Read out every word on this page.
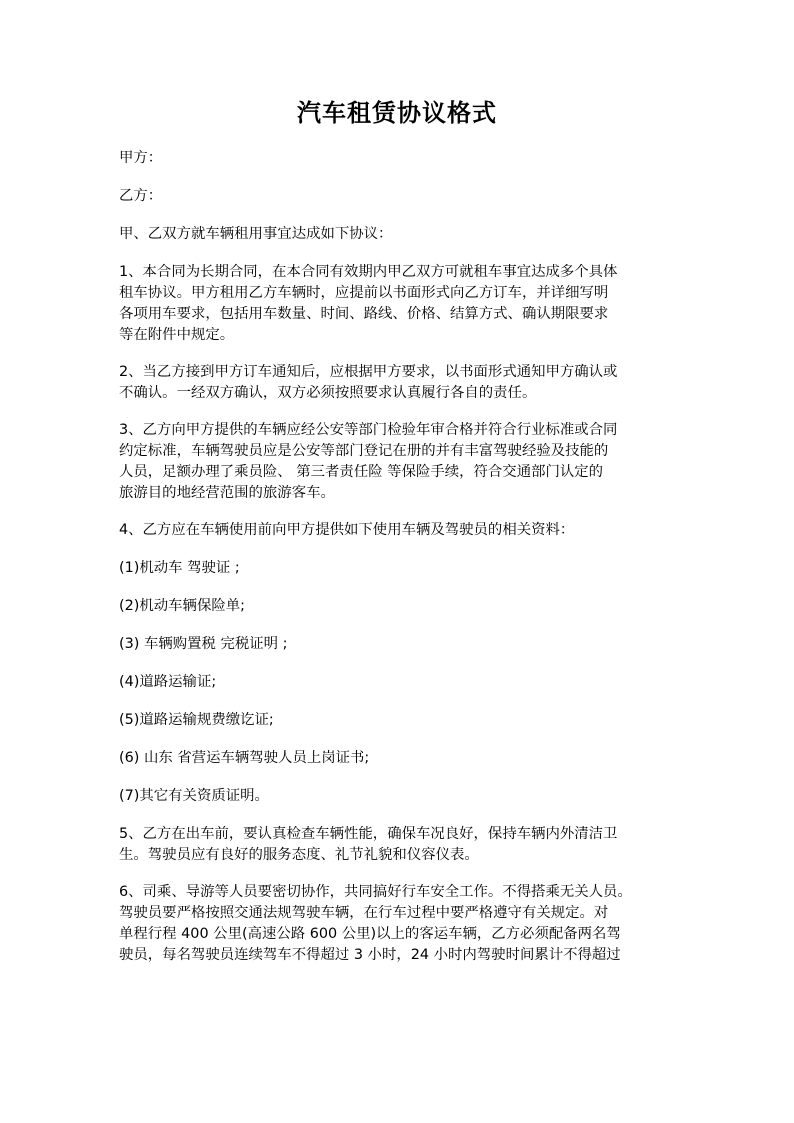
汽车租赁协议格式

甲方：

乙方：

甲、乙双方就车辆租用事宜达成如下协议：

1、本合同为长期合同，在本合同有效期内甲乙双方可就租车事宜达成多个具体
租车协议。甲方租用乙方车辆时，应提前以书面形式向乙方订车，并详细写明
各项用车要求，包括用车数量、时间、路线、价格、结算方式、确认期限要求
等在附件中规定。

2、当乙方接到甲方订车通知后，应根据甲方要求，以书面形式通知甲方确认或
不确认。一经双方确认，双方必须按照要求认真履行各自的责任。

3、乙方向甲方提供的车辆应经公安等部门检验年审合格并符合行业标准或合同
约定标准，车辆驾驶员应是公安等部门登记在册的并有丰富驾驶经验及技能的
人员，足额办理了乘员险、 第三者责任险 等保险手续，符合交通部门认定的
旅游目的地经营范围的旅游客车。

4、乙方应在车辆使用前向甲方提供如下使用车辆及驾驶员的相关资料：

(1)机动车 驾驶证 ;

(2)机动车辆保险单;

(3) 车辆购置税 完税证明 ;

(4)道路运输证;

(5)道路运输规费缴讫证;

(6) 山东 省营运车辆驾驶人员上岗证书;

(7)其它有关资质证明。

5、乙方在出车前，要认真检查车辆性能，确保车况良好，保持车辆内外清洁卫
生。驾驶员应有良好的服务态度、礼节礼貌和仪容仪表。

6、司乘、导游等人员要密切协作，共同搞好行车安全工作。不得搭乘无关人员。
驾驶员要严格按照交通法规驾驶车辆，在行车过程中要严格遵守有关规定。对
单程行程 400 公里(高速公路 600 公里)以上的客运车辆，乙方必须配备两名驾
驶员，每名驾驶员连续驾车不得超过 3 小时，24 小时内驾驶时间累计不得超过
